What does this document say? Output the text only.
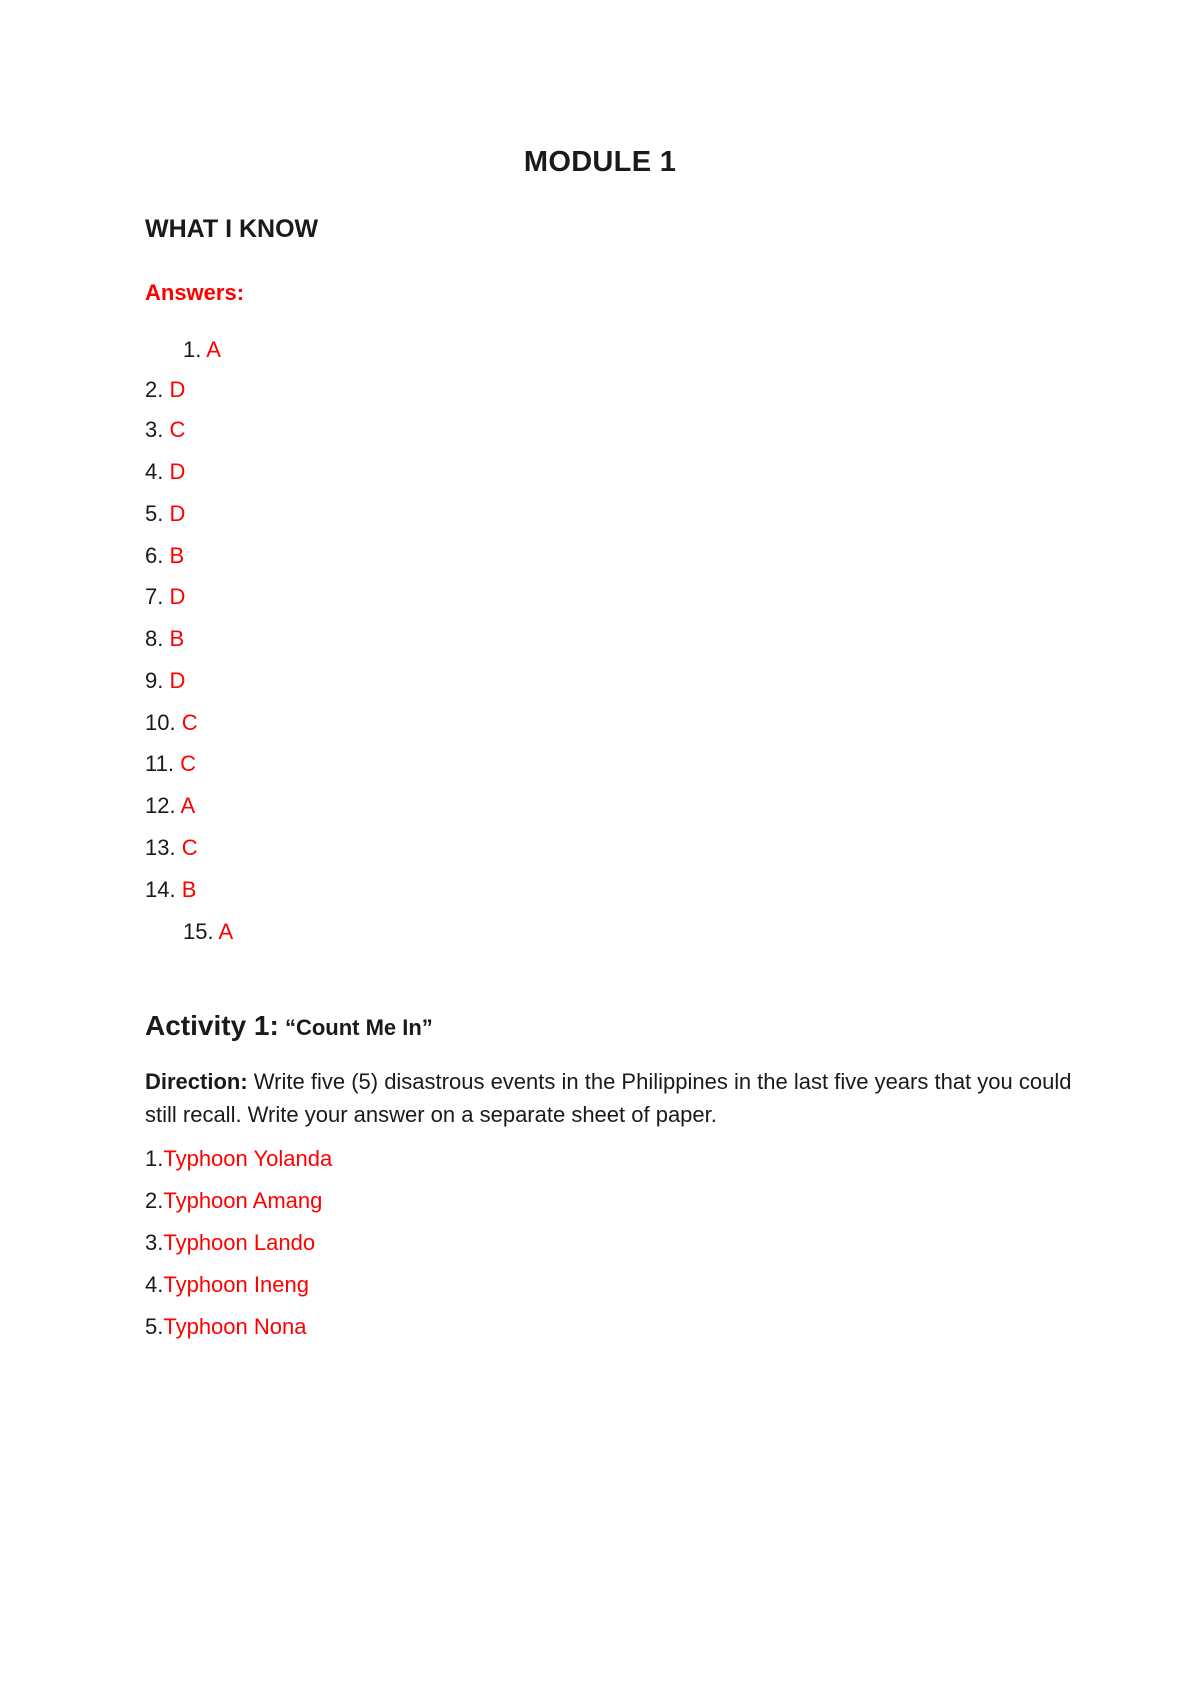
MODULE 1
WHAT I KNOW
Answers:
1. A
2. D
3. C
4. D
5. D
6. B
7. D
8. B
9. D
10. C
11. C
12. A
13. C
14. B
15. A
Activity 1: “Count Me In”
Direction: Write five (5) disastrous events in the Philippines in the last five years that you could still recall. Write your answer on a separate sheet of paper.
1.Typhoon Yolanda
2.Typhoon Amang
3.Typhoon Lando
4.Typhoon Ineng
5.Typhoon Nona
